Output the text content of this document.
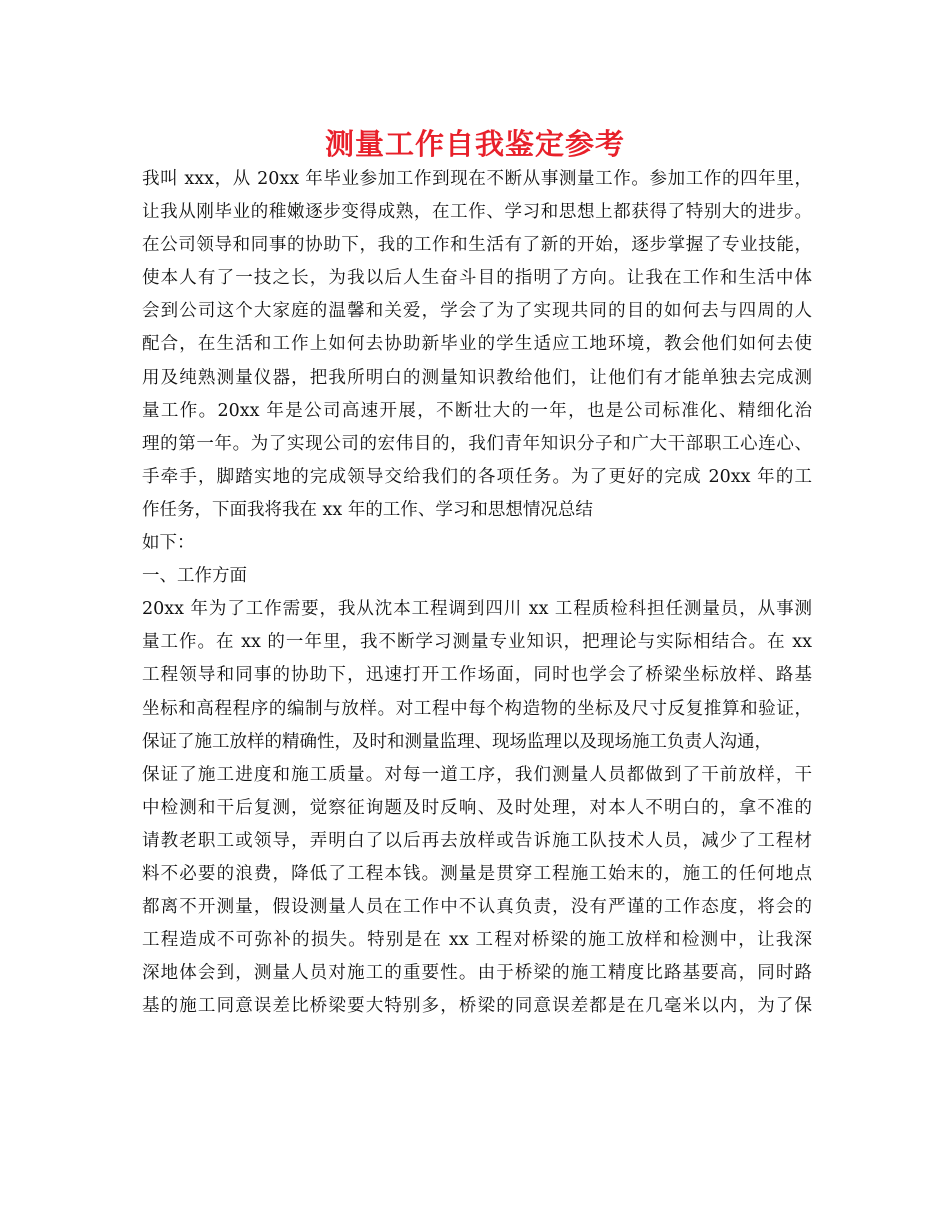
测量工作自我鉴定参考
我叫 xxx，从 20xx 年毕业参加工作到现在不断从事测量工作。参加工作的四年里，
让我从刚毕业的稚嫩逐步变得成熟，在工作、学习和思想上都获得了特别大的进步。
在公司领导和同事的协助下，我的工作和生活有了新的开始，逐步掌握了专业技能，
使本人有了一技之长，为我以后人生奋斗目的指明了方向。让我在工作和生活中体
会到公司这个大家庭的温馨和关爱，学会了为了实现共同的目的如何去与四周的人
配合，在生活和工作上如何去协助新毕业的学生适应工地环境，教会他们如何去使
用及纯熟测量仪器，把我所明白的测量知识教给他们，让他们有才能单独去完成测
量工作。20xx 年是公司高速开展，不断壮大的一年，也是公司标准化、精细化治
理的第一年。为了实现公司的宏伟目的，我们青年知识分子和广大干部职工心连心、
手牵手，脚踏实地的完成领导交给我们的各项任务。为了更好的完成 20xx 年的工
作任务，下面我将我在 xx 年的工作、学习和思想情况总结
如下：
一、工作方面
20xx 年为了工作需要，我从沈本工程调到四川 xx 工程质检科担任测量员，从事测
量工作。在 xx 的一年里，我不断学习测量专业知识，把理论与实际相结合。在 xx
工程领导和同事的协助下，迅速打开工作场面，同时也学会了桥梁坐标放样、路基
坐标和高程程序的编制与放样。对工程中每个构造物的坐标及尺寸反复推算和验证，
保证了施工放样的精确性，及时和测量监理、现场监理以及现场施工负责人沟通，
保证了施工进度和施工质量。对每一道工序，我们测量人员都做到了干前放样，干
中检测和干后复测，觉察征询题及时反响、及时处理，对本人不明白的，拿不准的
请教老职工或领导，弄明白了以后再去放样或告诉施工队技术人员，减少了工程材
料不必要的浪费，降低了工程本钱。测量是贯穿工程施工始末的，施工的任何地点
都离不开测量，假设测量人员在工作中不认真负责，没有严谨的工作态度，将会的
工程造成不可弥补的损失。特别是在 xx 工程对桥梁的施工放样和检测中，让我深
深地体会到，测量人员对施工的重要性。由于桥梁的施工精度比路基要高，同时路
基的施工同意误差比桥梁要大特别多，桥梁的同意误差都是在几毫米以内，为了保
